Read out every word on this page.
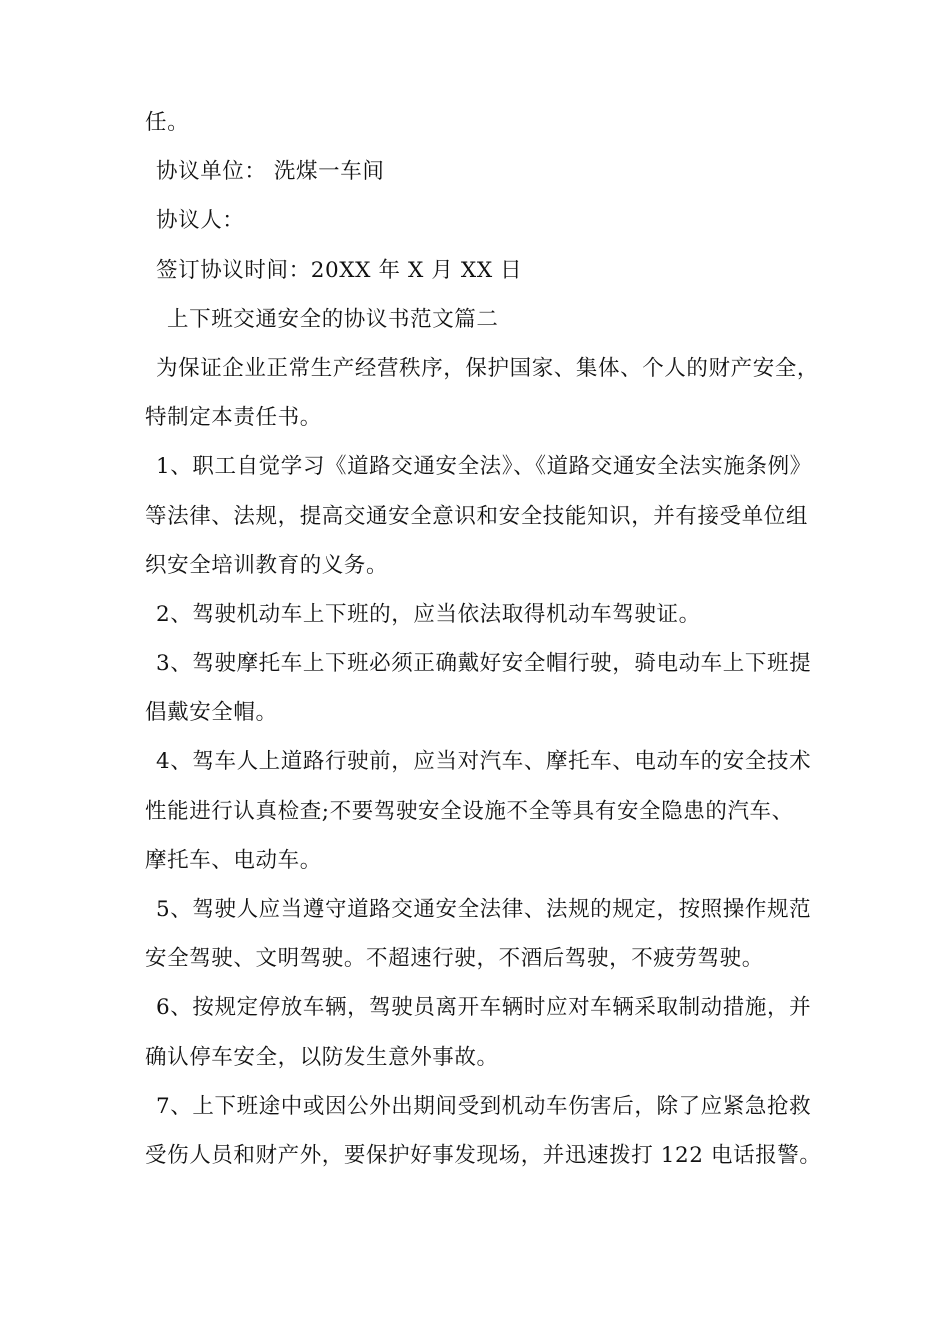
任。
协议单位： 洗煤一车间
协议人：
签订协议时间：20XX 年 X 月 XX 日
上下班交通安全的协议书范文篇二
为保证企业正常生产经营秩序，保护国家、集体、个人的财产安全，
特制定本责任书。
1、职工自觉学习《道路交通安全法》、《道路交通安全法实施条例》
等法律、法规，提高交通安全意识和安全技能知识，并有接受单位组
织安全培训教育的义务。
2、驾驶机动车上下班的，应当依法取得机动车驾驶证。
3、驾驶摩托车上下班必须正确戴好安全帽行驶，骑电动车上下班提
倡戴安全帽。
4、驾车人上道路行驶前，应当对汽车、摩托车、电动车的安全技术
性能进行认真检查;不要驾驶安全设施不全等具有安全隐患的汽车、
摩托车、电动车。
5、驾驶人应当遵守道路交通安全法律、法规的规定，按照操作规范
安全驾驶、文明驾驶。不超速行驶，不酒后驾驶，不疲劳驾驶。
6、按规定停放车辆，驾驶员离开车辆时应对车辆采取制动措施，并
确认停车安全，以防发生意外事故。
7、上下班途中或因公外出期间受到机动车伤害后，除了应紧急抢救
受伤人员和财产外，要保护好事发现场，并迅速拨打 122 电话报警。
